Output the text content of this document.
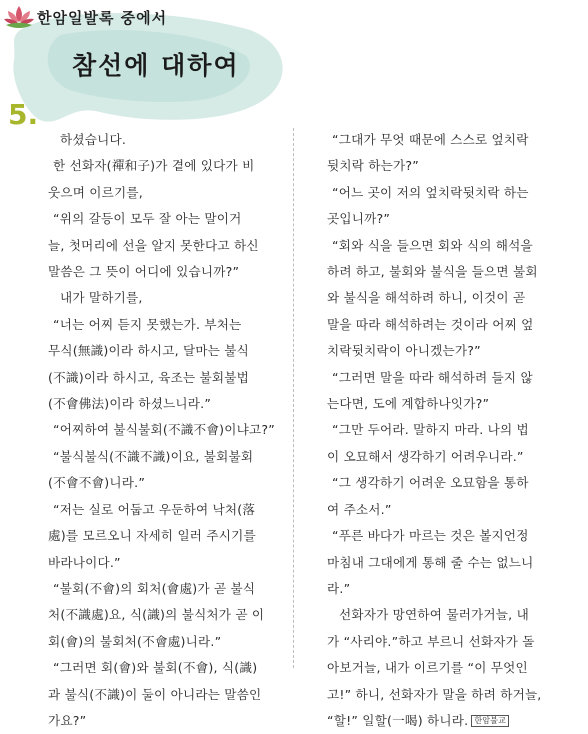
한암일발록 중에서
참선에 대하여
5.

하셨습니다.

한 선화자(禪和子)가 곁에 있다가 비

웃으며 이르기를,

“위의 갈등이 모두 잘 아는 말이거

늘, 첫머리에 선을 알지 못한다고 하신

말씀은 그 뜻이 어디에 있습니까?”

내가 말하기를,

“너는 어찌 듣지 못했는가. 부처는

무식(無識)이라 하시고, 달마는 불식

(不識)이라 하시고, 육조는 불회불법

(不會佛法)이라 하셨느니라.”

“어찌하여 불식불회(不識不會)이냐고?”

“불식불식(不識不識)이요, 불회불회

(不會不會)니라.”

“저는 실로 어둡고 우둔하여 낙처(落

處)를 모르오니 자세히 일러 주시기를

바라나이다.”

“불회(不會)의 회처(會處)가 곧 불식

처(不識處)요, 식(識)의 불식처가 곧 이

회(會)의 불회처(不會處)니라.”

“그러면 회(會)와 불회(不會), 식(識)

과 불식(不識)이 둘이 아니라는 말씀인

가요?”

“그대가 무엇 때문에 스스로 엎치락

뒷치락 하는가?”

“어느 곳이 저의 엎치락뒷치락 하는

곳입니까?”

“회와 식을 들으면 회와 식의 해석을

하려 하고, 불회와 불식을 들으면 불회

와 불식을 해석하려 하니, 이것이 곧

말을 따라 해석하려는 것이라 어찌 엎

치락뒷치락이 아니겠는가?”

“그러면 말을 따라 해석하려 들지 않

는다면, 도에 계합하나잇가?”

“그만 두어라. 말하지 마라. 나의 법

이 오묘해서 생각하기 어려우니라.”

“그 생각하기 어려운 오묘함을 통하

여 주소서.”

“푸른 바다가 마르는 것은 볼지언정

마침내 그대에게 통해 줄 수는 없느니

라.”

선화자가 망연하여 물러가거늘, 내

가 “사리야.”하고 부르니 선화자가 돌

아보거늘, 내가 이르기를 “이 무엇인

고!” 하니, 선화자가 말을 하려 하거늘,

“할!” 일할(一喝) 하니라. 한암불교
